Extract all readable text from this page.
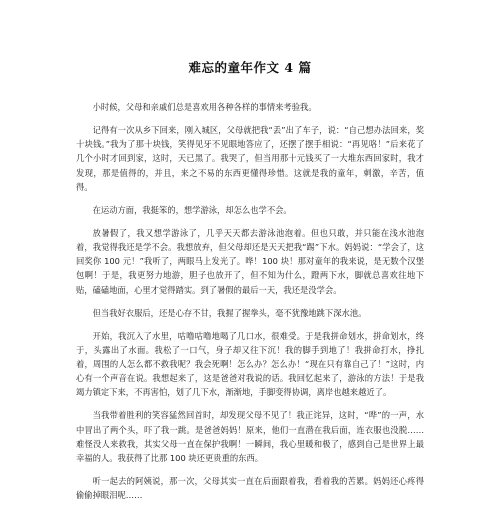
难忘的童年作文 4 篇

小时候，父母和亲戚们总是喜欢用各种各样的事情来考验我。

记得有一次从乡下回来，刚入城区，父母就把我“丢”出了车子，说：“自己想办法回来，奖十块钱。”我为了那十块钱，笑得见牙不见眼地答应了，还摆了摆手相说：“再见咯！”后来花了几个小时才回到家，这时，天已黑了。我哭了，但当用那十元钱买了一大堆东西回家时，我才发现，那是值得的，并且，来之不易的东西更懂得珍惜。这就是我的童年，刺激，辛苦，值得。

在运动方面，我挺笨的，想学游泳，却怎么也学不会。

放暑假了，我又想学游泳了，几乎天天都去游泳池泡着。但也只敢，并只能在浅水池泡着，我觉得我还是学不会。我想放弃，但父母却还是天天把我“踢”下水。妈妈说：“学会了，这回奖你 100 元！”我听了，两眼马上发光了。哗！100 块！那对童年的我来说，是无数个汉堡包啊！于是，我更努力地游，胆子也放开了，但不知为什么，蹬两下水，脚就总喜欢往地下贴，磕磕地面，心里才觉得踏实。到了暑假的最后一天，我还是没学会。

但当我好衣服后，还是心存不甘，我握了握拳头，毫不犹豫地跳下深水池。

开始，我沉入了水里，咕噜咕噜地喝了几口水，很难受。于是我拼命划水，拼命划水，终于，头露出了水面。我松了一口气，身子却又往下沉！我的脚手到地了！我拼命打水，挣扎着，周围的人怎么都不救我呢？我会死啊！怎么办？怎么办！“现在只有靠自己了！”这时，内心有一个声音在说。我想起来了，这是爸爸对我说的话。我回忆起来了，游泳的方法！于是我竭力镇定下来，不再害怕，划了几下水，渐渐地，手脚变得协调，离岸也越来越近了。

当我带着胜利的笑容猛然回首时，却发现父母不见了！我正诧异，这时，“哗”的一声，水中冒出了两个头，吓了我一跳。是爸爸妈妈！原来，他们一直潜在我后面，连衣服也没脱……难怪没人来救我，其实父母一直在保护我啊！一瞬间，我心里暖和极了，感到自己是世界上最幸福的人。我获得了比那 100 块还更贵重的东西。

听一起去的阿姨说，那一次，父母其实一直在后面跟着我，看着我的苦累。妈妈还心疼得偷偷掉眼泪呢……
